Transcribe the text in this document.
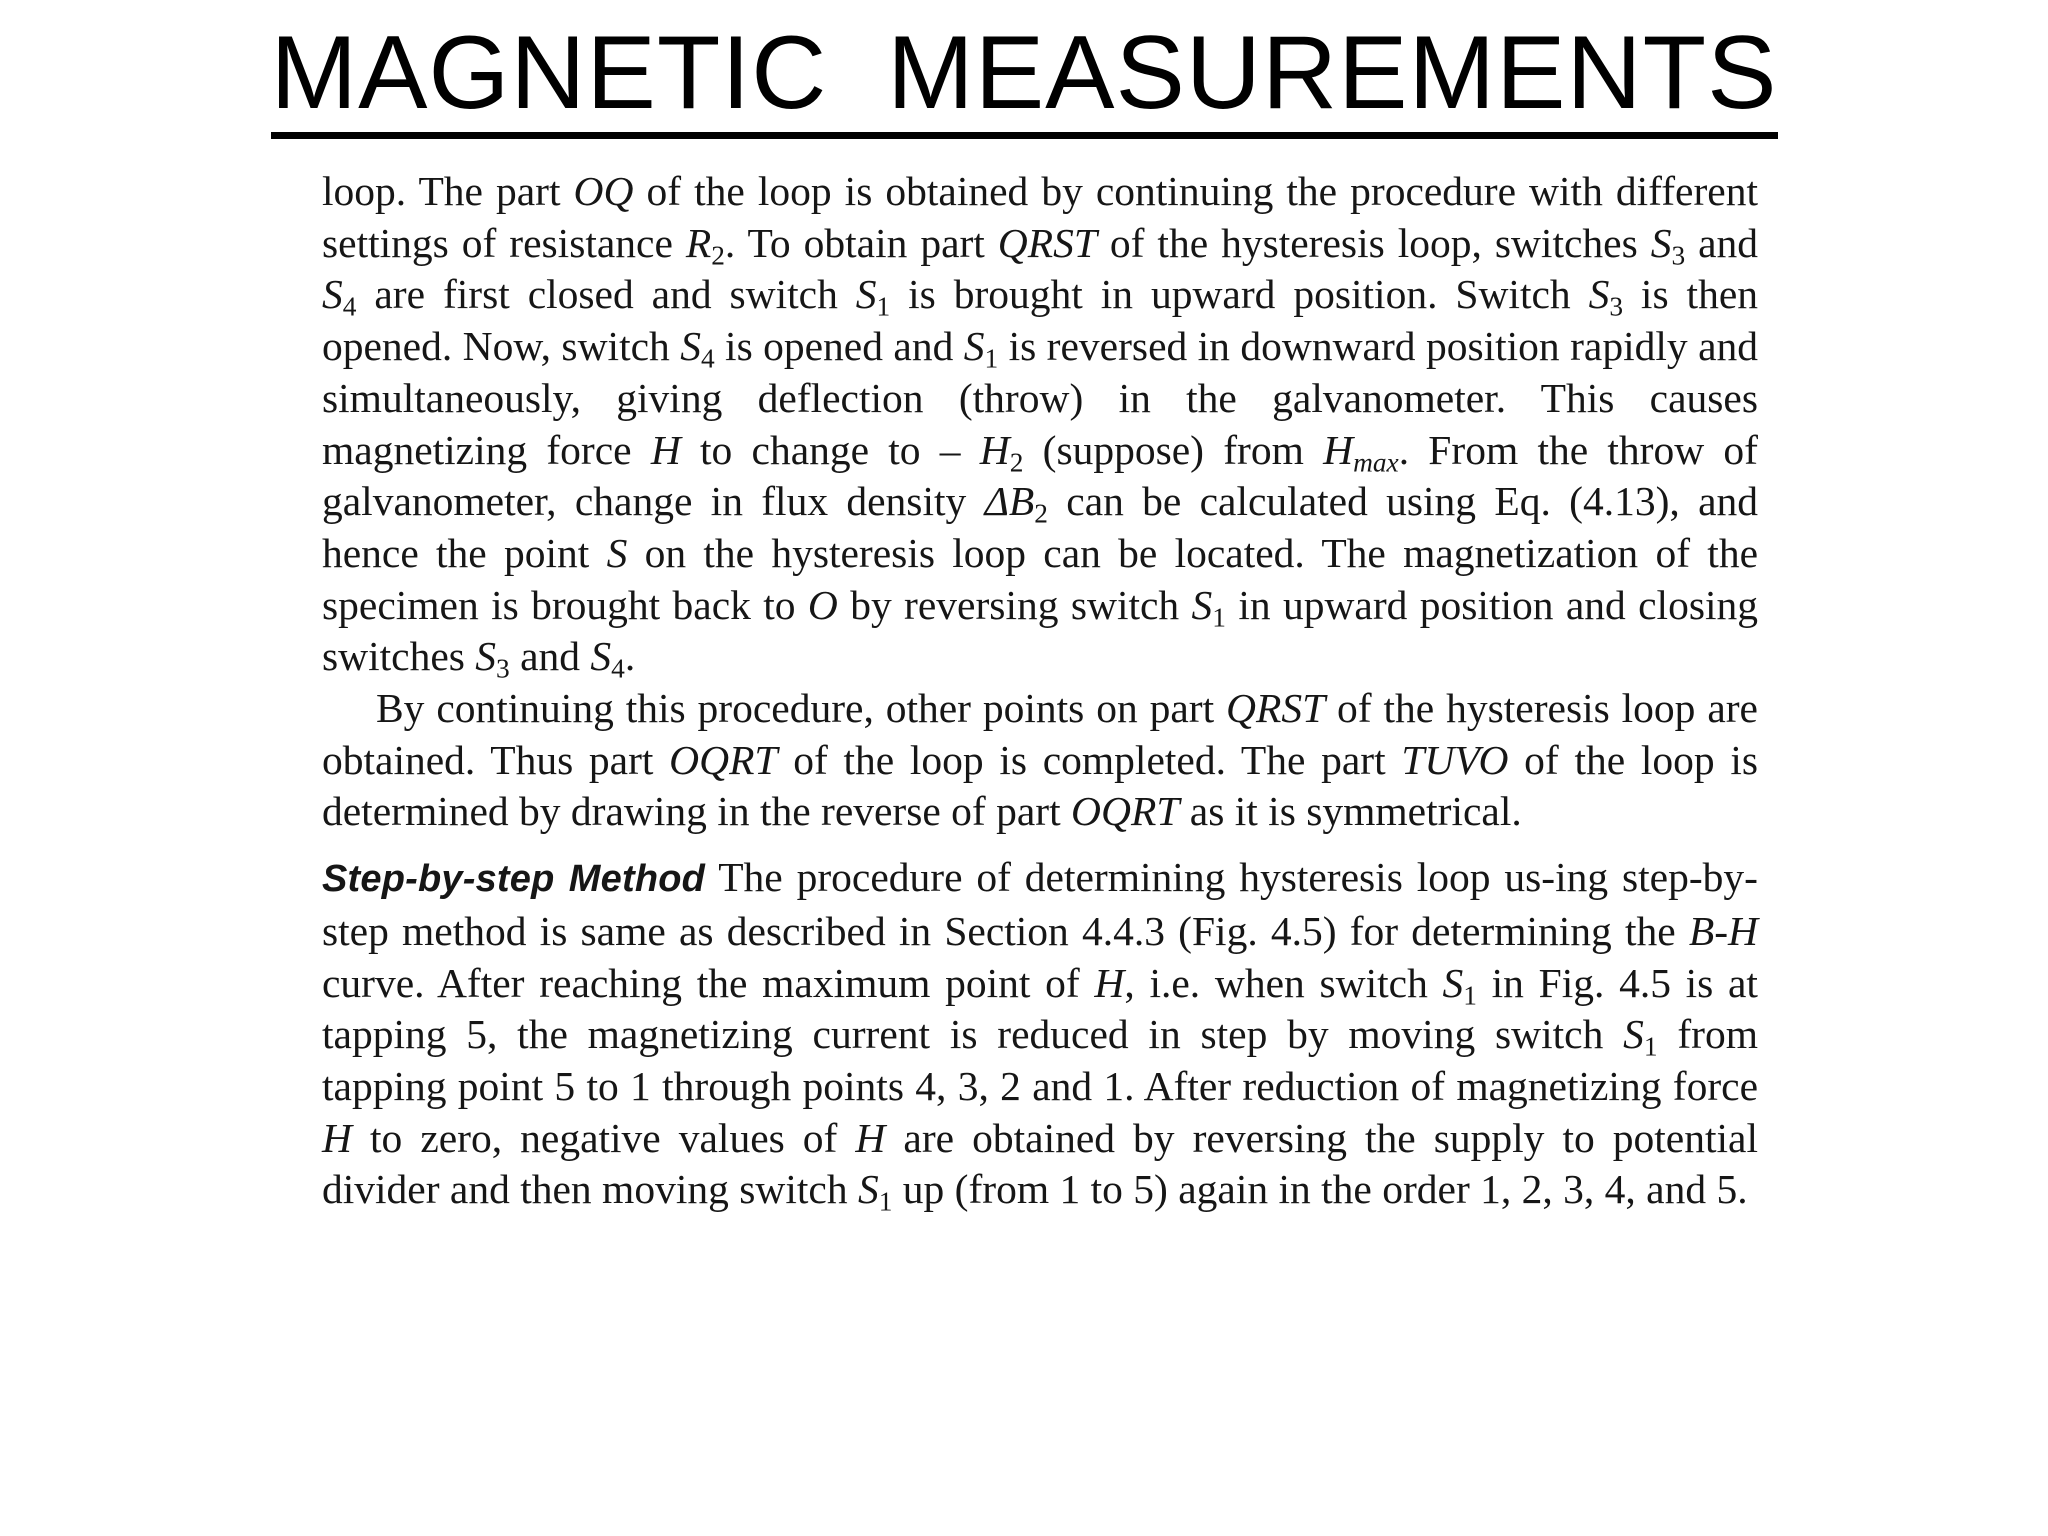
MAGNETIC  MEASUREMENTS

loop. The part OQ of the loop is obtained by continuing the procedure with different settings of resistance $R_2$. To obtain part QRST of the hysteresis loop, switches $S_3$ and $S_4$ are first closed and switch $S_1$ is brought in upward position. Switch $S_3$ is then opened. Now, switch $S_4$ is opened and $S_1$ is reversed in downward position rapidly and simultaneously, giving deflection (throw) in the galvanometer. This causes magnetizing force H to change to – $H_2$ (suppose) from $H_{max}$. From the throw of galvanometer, change in flux density $\Delta B_2$ can be calculated using Eq. (4.13), and hence the point S on the hysteresis loop can be located. The magnetization of the specimen is brought back to O by reversing switch $S_1$ in upward position and closing switches $S_3$ and $S_4$.

By continuing this procedure, other points on part QRST of the hysteresis loop are obtained. Thus part OQRT of the loop is completed. The part TUVO of the loop is determined by drawing in the reverse of part OQRT as it is symmetrical.

Step-by-step Method The procedure of determining hysteresis loop us-ing step-by-step method is same as described in Section 4.4.3 (Fig. 4.5) for determining the B-H curve. After reaching the maximum point of H, i.e. when switch $S_1$ in Fig. 4.5 is at tapping 5, the magnetizing current is reduced in step by moving switch $S_1$ from tapping point 5 to 1 through points 4, 3, 2 and 1. After reduction of magnetizing force H to zero, negative values of H are obtained by reversing the supply to potential divider and then moving switch $S_1$ up (from 1 to 5) again in the order 1, 2, 3, 4, and 5.
